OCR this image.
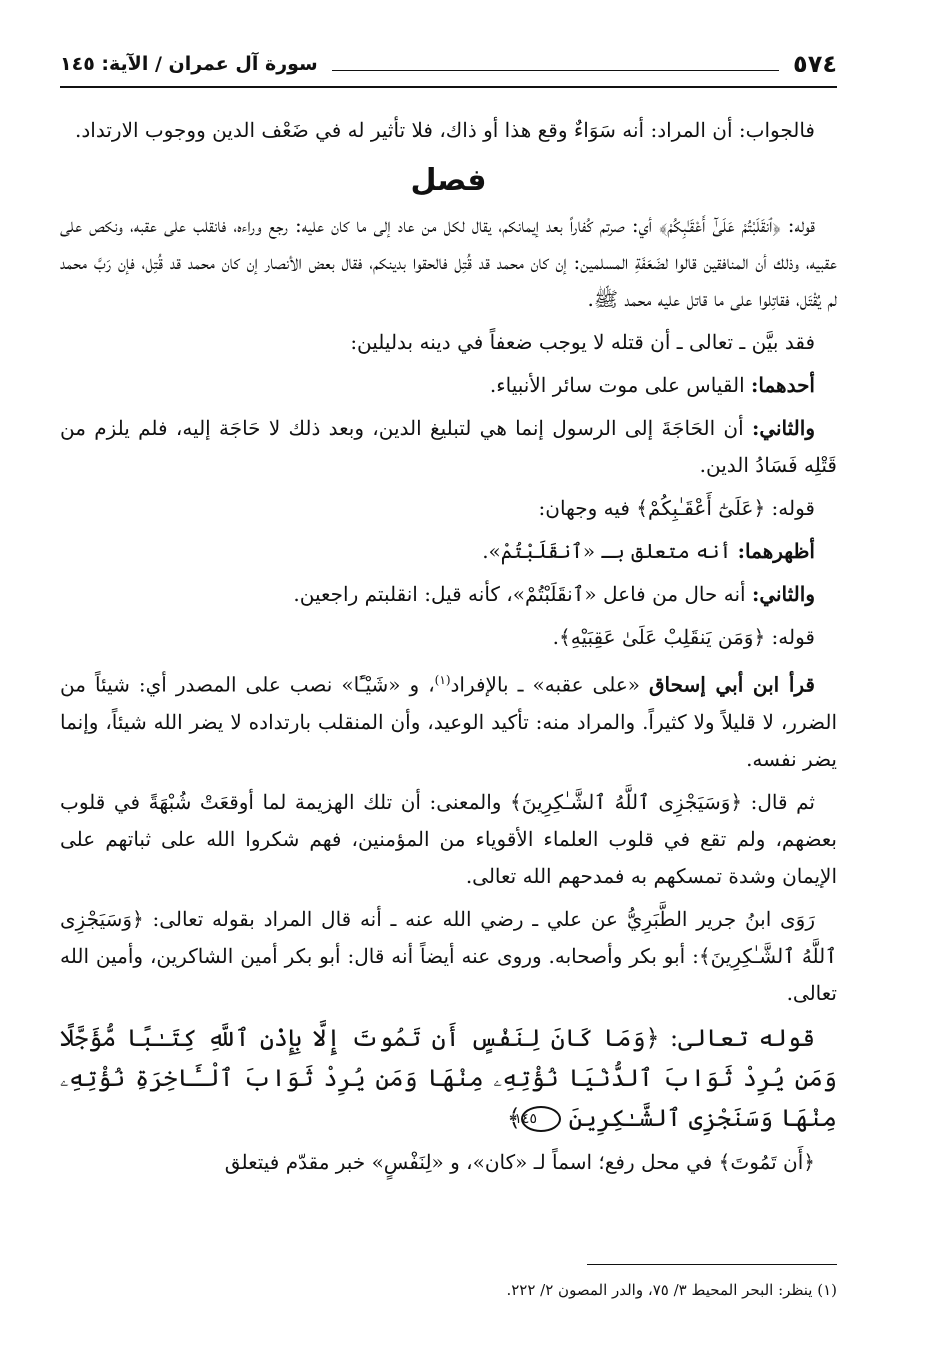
٥٧٤
سورة آل عمران / الآية: ١٤٥

فالجواب: أن المراد: أنه سَوَاءٌ وقع هذا أو ذاك، فلا تأثير له في ضَعْف الدين ووجوب الارتداد.

فصل

قوله: ﴿ٱنقَلَبْتُمْ عَلَىٰٓ أَعْقَـٰبِكُمْ﴾ أي: صرتم كُفاراً بعد إيمانكم، يقال لكل من عاد إلى ما كان عليه: رجع وراءه، فانقلب على عقبه، ونكص على عقبيه، وذلك أن المنافقين قالوا لضَعَفَةِ المسلمين: إن كان محمد قد قُتِل فالحقوا بدينكم، فقال بعض الأنصار إن كان محمد قد قُتِل، فإن رَبَّ محمد لم يُقْتَل، فقاتِلوا على ما قاتل عليه محمد ﷺ.

فقد بيَّن ـ تعالى ـ أن قتله لا يوجب ضعفاً في دينه بدليلين:

أحدهما: القياس على موت سائر الأنبياء.

والثاني: أن الحَاجَةَ إلى الرسول إنما هي لتبليغ الدين، وبعد ذلك لا حَاجَة إليه، فلم يلزم من قَتْلِه فَسَادُ الدين.

قوله: ﴿عَلَىٰٓ أَعْقَـٰبِكُمْ﴾ فيه وجهان:

أظهرهما: أنه متعلق بـ «ٱنقَلَبْتُمْ».

والثاني: أنه حال من فاعل «ٱنقَلَبْتُمْ»، كأنه قيل: انقلبتم راجعين.

قوله: ﴿وَمَن يَنقَلِبْ عَلَىٰ عَقِبَيْهِ﴾.

قرأ ابن أبي إسحاق «على عقبه» ـ بالإفراد$^{(١)}$، و «شَيْـًٔا» نصب على المصدر أي: شيئاً من الضرر، لا قليلاً ولا كثيراً. والمراد منه: تأكيد الوعيد، وأن المنقلب بارتداده لا يضر الله شيئاً، وإنما يضر نفسه.

ثم قال: ﴿وَسَيَجْزِى ٱللَّهُ ٱلشَّـٰكِرِينَ﴾ والمعنى: أن تلك الهزيمة لما أوقعَتْ شُبْهَةً في قلوب بعضهم، ولم تقع في قلوب العلماء الأقوياء من المؤمنين، فهم شكروا الله على ثباتهم على الإيمان وشدة تمسكهم به فمدحهم الله تعالى.

رَوَى ابنُ جرير الطَّبَرِيُّ عن علي ـ رضي الله عنه ـ أنه قال المراد بقوله تعالى: ﴿وَسَيَجْزِى ٱللَّهُ ٱلشَّـٰكِرِينَ﴾: أبو بكر وأصحابه. وروى عنه أيضاً أنه قال: أبو بكر أمين الشاكرين، وأمين الله تعالى.

قوله تعالى: ﴿وَمَا كَانَ لِنَفْسٍ أَن تَمُوتَ إِلَّا بِإِذْنِ ٱللَّهِ كِتَـٰبًا مُّؤَجَّلًا وَمَن يُرِدْ ثَوَابَ ٱلدُّنْيَا نُؤْتِهِۦ مِنْهَا وَمَن يُرِدْ ثَوَابَ ٱلْـَٔاخِرَةِ نُؤْتِهِۦ مِنْهَا وَسَنَجْزِى ٱلشَّـٰكِرِينَ ١٤٥﴾

﴿أَن تَمُوتَ﴾ في محل رفع؛ اسماً لـ «كان»، و «لِنَفْسٍ» خبر مقدّم فيتعلق

(١) ينظر: البحر المحيط ٣/ ٧٥، والدر المصون ٢/ ٢٢٢.
